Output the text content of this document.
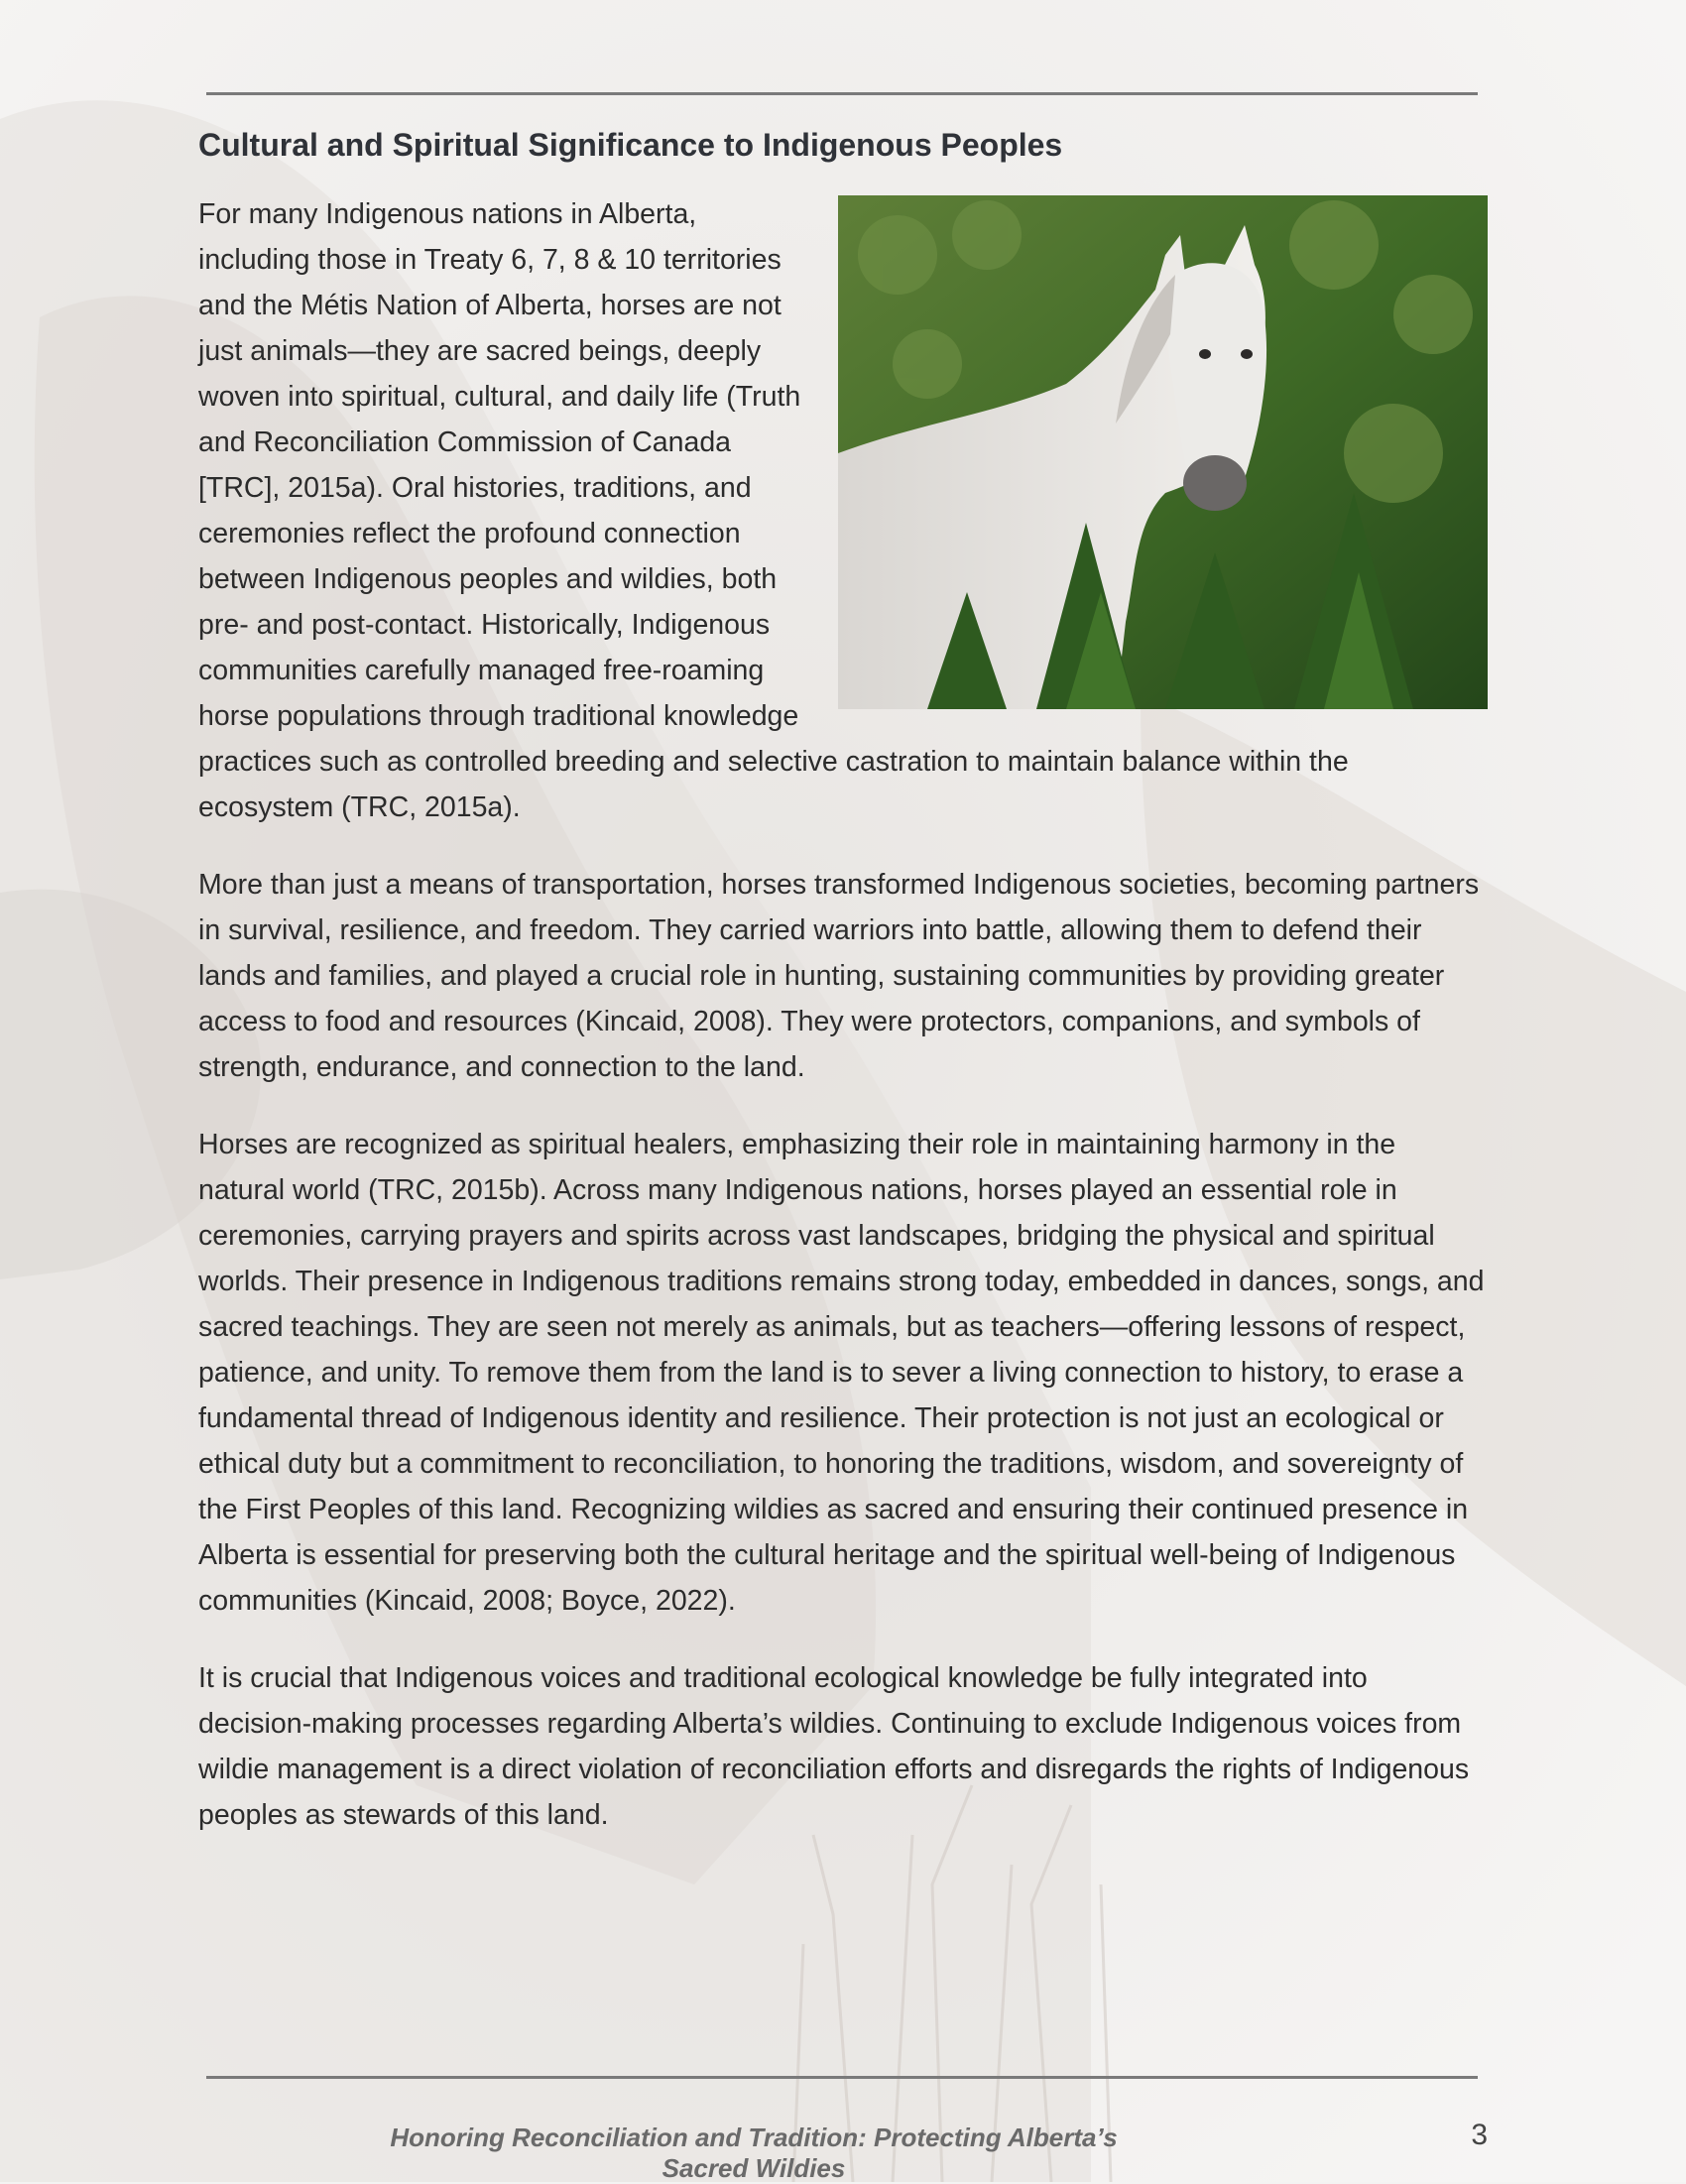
Cultural and Spiritual Significance to Indigenous Peoples

For many Indigenous nations in Alberta, including those in Treaty 6, 7, 8 & 10 territories and the Métis Nation of Alberta, horses are not just animals—they are sacred beings, deeply woven into spiritual, cultural, and daily life (Truth and Reconciliation Commission of Canada [TRC], 2015a). Oral histories, traditions, and ceremonies reflect the profound connection between Indigenous peoples and wildies, both pre- and post-contact. Historically, Indigenous communities carefully managed free-roaming horse populations through traditional knowledge practices such as controlled breeding and selective castration to maintain balance within the ecosystem (TRC, 2015a).

More than just a means of transportation, horses transformed Indigenous societies, becoming partners in survival, resilience, and freedom. They carried warriors into battle, allowing them to defend their lands and families, and played a crucial role in hunting, sustaining communities by providing greater access to food and resources (Kincaid, 2008). They were protectors, companions, and symbols of strength, endurance, and connection to the land.

Horses are recognized as spiritual healers, emphasizing their role in maintaining harmony in the natural world (TRC, 2015b). Across many Indigenous nations, horses played an essential role in ceremonies, carrying prayers and spirits across vast landscapes, bridging the physical and spiritual worlds. Their presence in Indigenous traditions remains strong today, embedded in dances, songs, and sacred teachings. They are seen not merely as animals, but as teachers—offering lessons of respect, patience, and unity. To remove them from the land is to sever a living connection to history, to erase a fundamental thread of Indigenous identity and resilience. Their protection is not just an ecological or ethical duty but a commitment to reconciliation, to honoring the traditions, wisdom, and sovereignty of the First Peoples of this land. Recognizing wildies as sacred and ensuring their continued presence in Alberta is essential for preserving both the cultural heritage and the spiritual well-being of Indigenous communities (Kincaid, 2008; Boyce, 2022).

It is crucial that Indigenous voices and traditional ecological knowledge be fully integrated into decision-making processes regarding Alberta’s wildies. Continuing to exclude Indigenous voices from wildie management is a direct violation of reconciliation efforts and disregards the rights of Indigenous peoples as stewards of this land.

Honoring Reconciliation and Tradition: Protecting Alberta’s Sacred Wildies
3
